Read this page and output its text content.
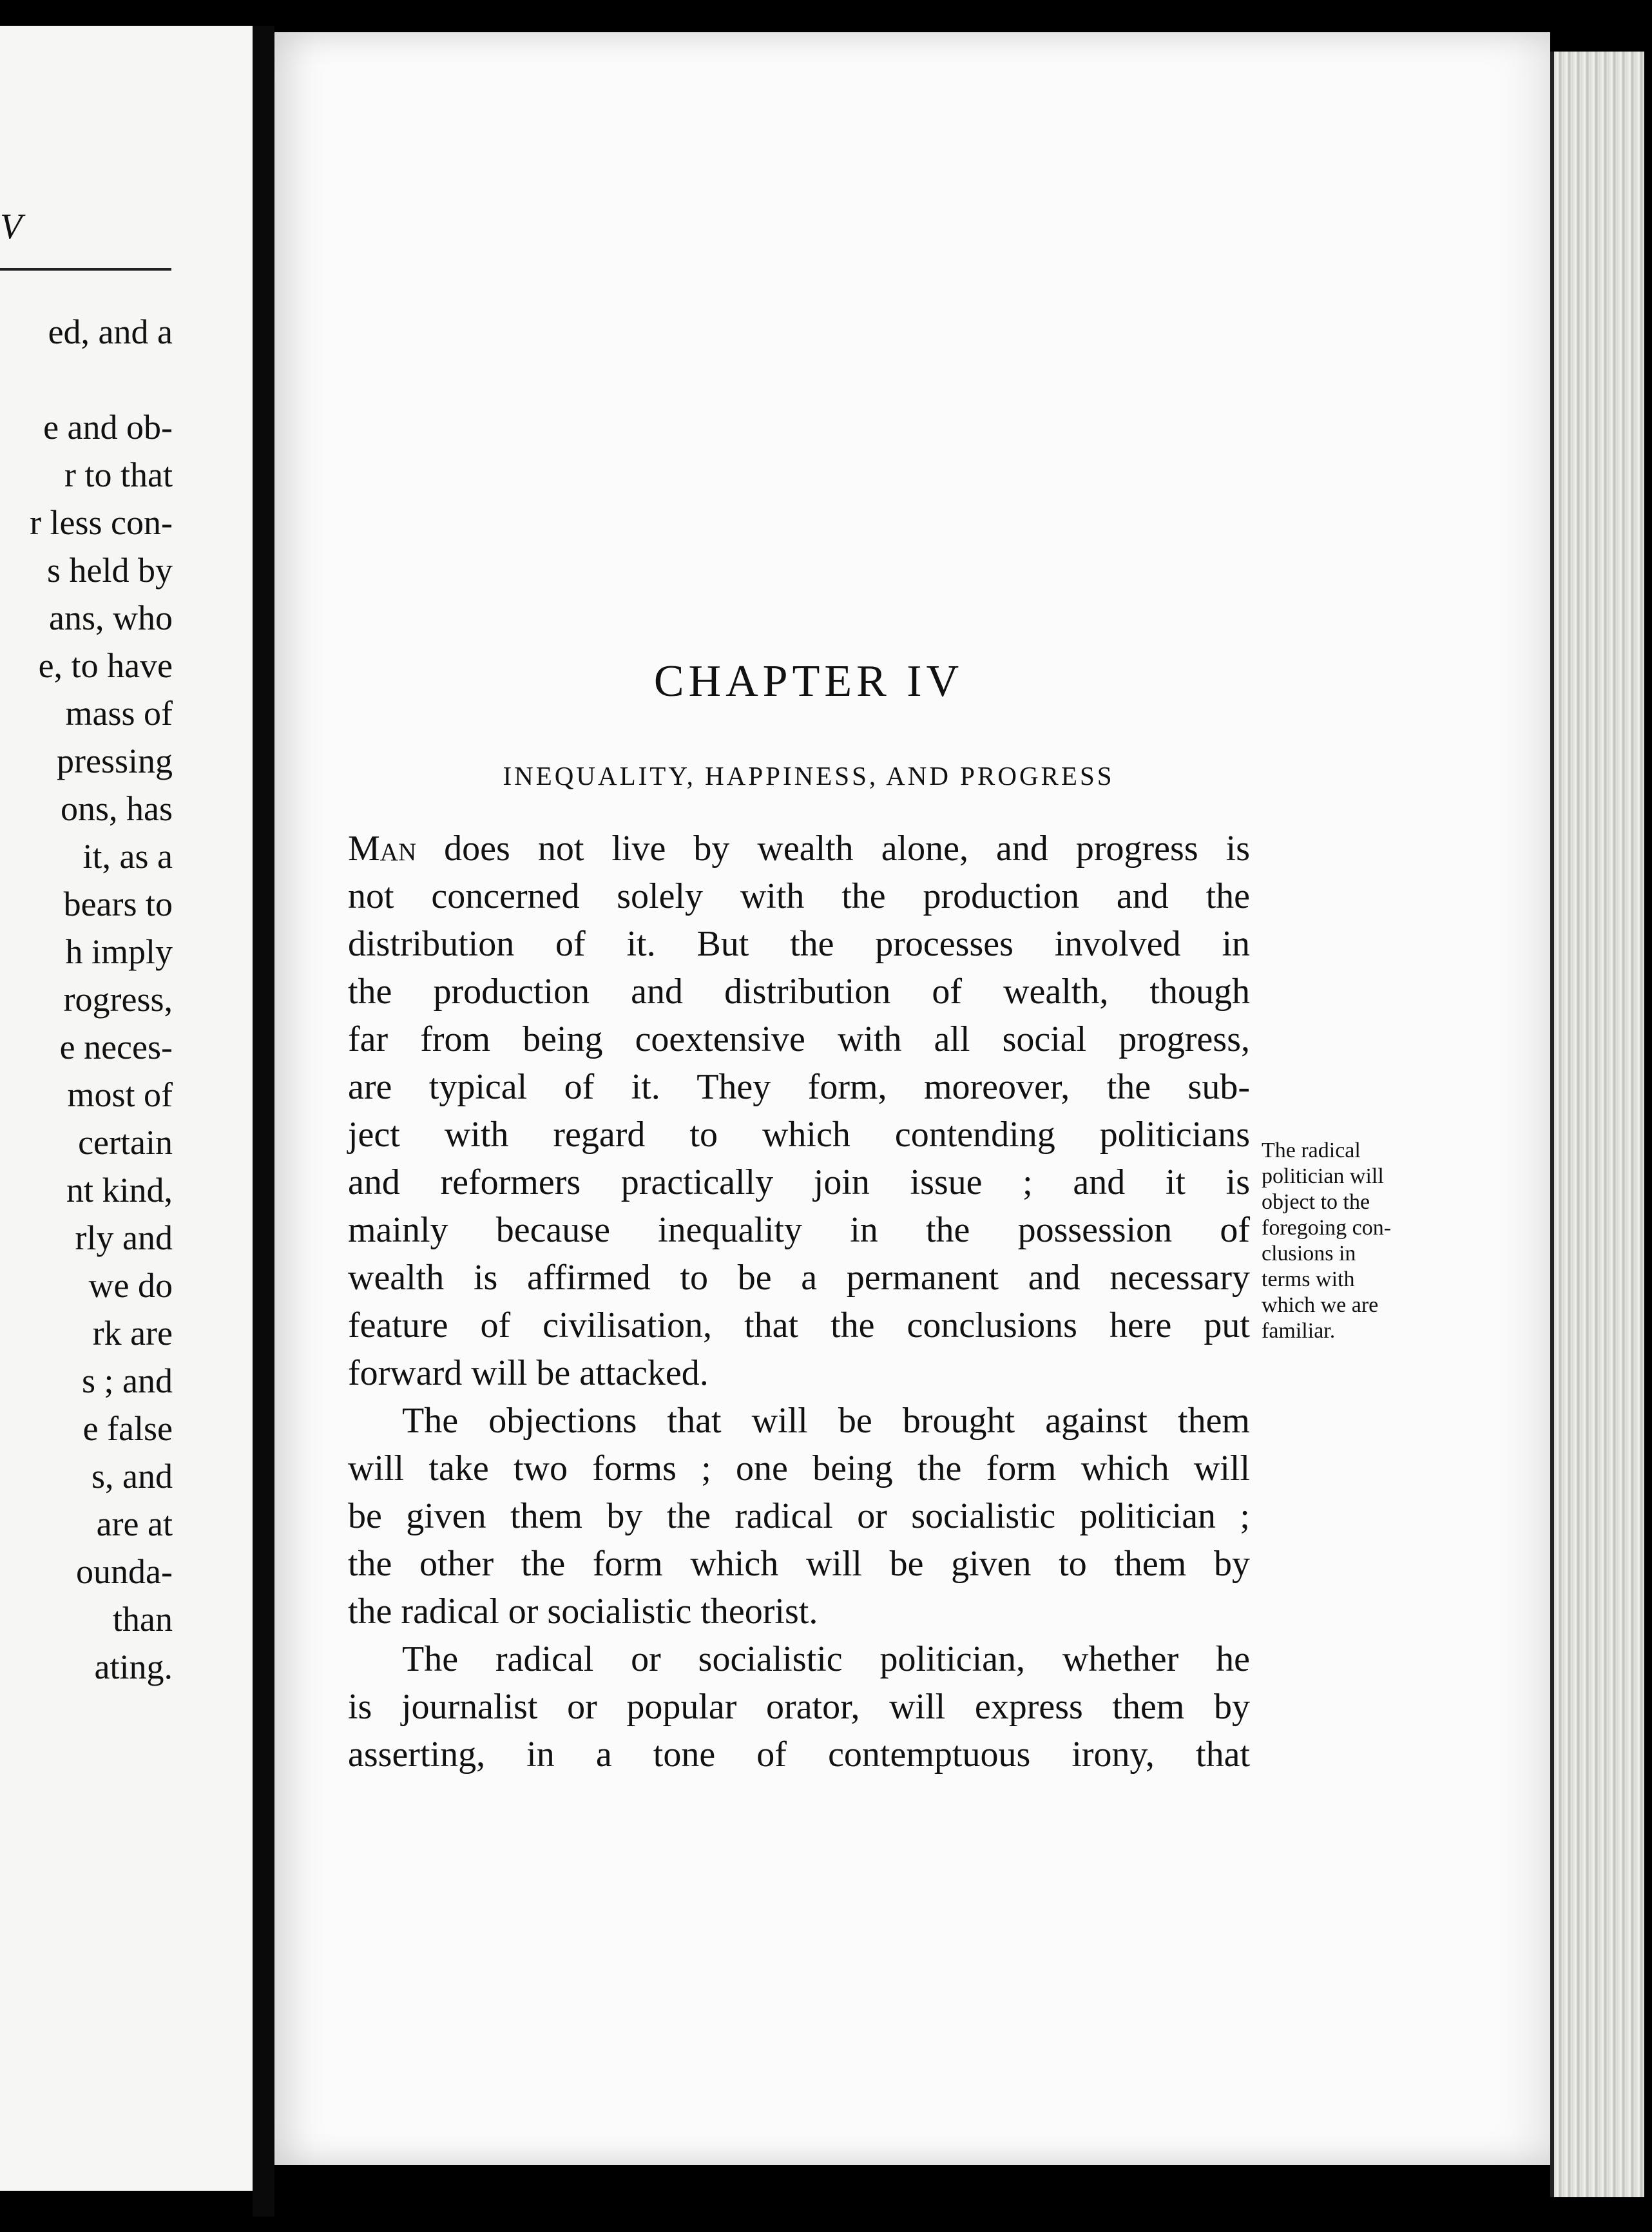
V
ed, and a
e and ob-
r to that
r less con-
s held by
ans, who
e, to have
mass of
pressing
ons, has
it, as a
bears to
h imply
rogress,
e neces-
most of
certain
nt kind,
rly and
we do
rk are
s ; and
e false
s, and
are at
ounda-
than
ating.
CHAPTER IV
INEQUALITY, HAPPINESS, AND PROGRESS

Man does not live by wealth alone, and progress is
not concerned solely with the production and the
distribution of it. But the processes involved in
the production and distribution of wealth, though
far from being coextensive with all social progress,
are typical of it. They form, moreover, the sub-
ject with regard to which contending politicians
and reformers practically join issue ; and it is
mainly because inequality in the possession of
wealth is affirmed to be a permanent and necessary
feature of civilisation, that the conclusions here put
forward will be attacked.

The objections that will be brought against them
will take two forms ; one being the form which will
be given them by the radical or socialistic politician ;
the other the form which will be given to them by
the radical or socialistic theorist.

The radical or socialistic politician, whether he
is journalist or popular orator, will express them by
asserting, in a tone of contemptuous irony, that

The radical
politician will
object to the
foregoing con-
clusions in
terms with
which we are
familiar.
